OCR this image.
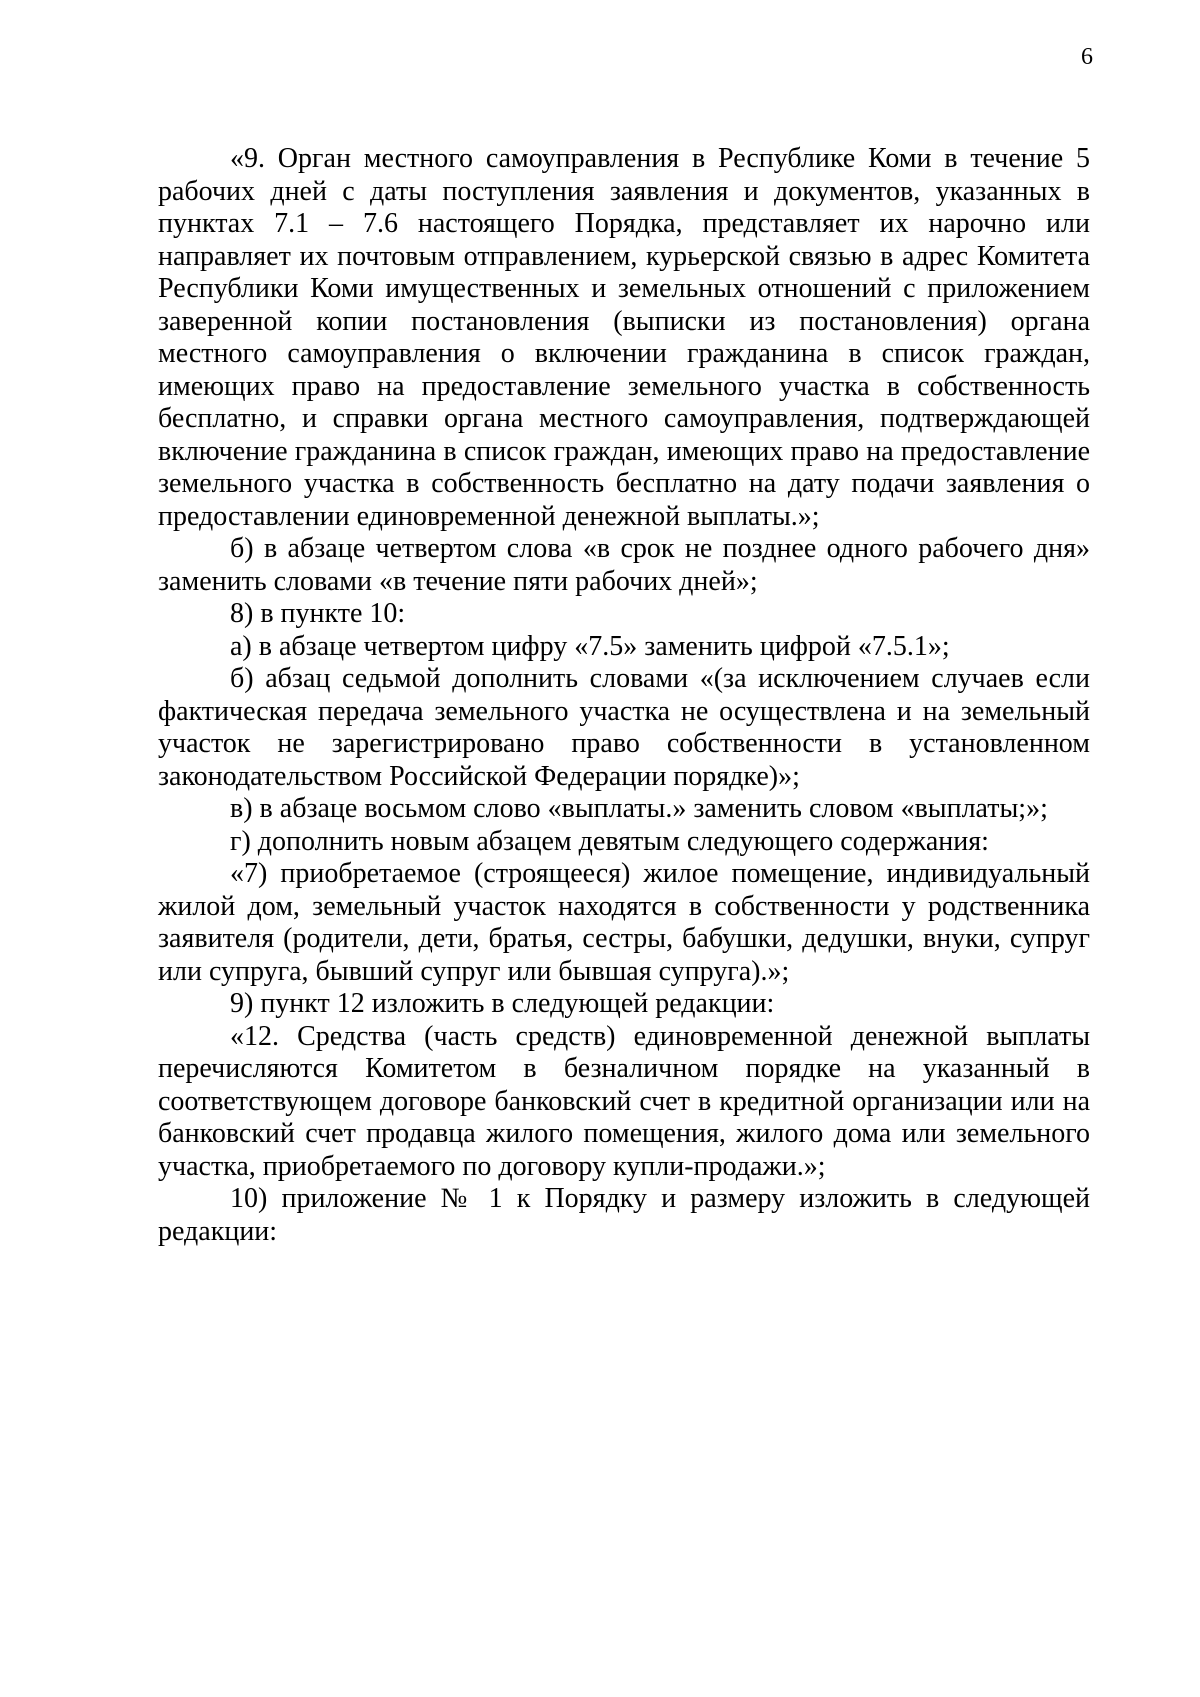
6

«9. Орган местного самоуправления в Республике Коми в течение 5 рабочих дней с даты поступления заявления и документов, указанных в пунктах 7.1 – 7.6 настоящего Порядка, представляет их нарочно или направляет их почтовым отправлением, курьерской связью в адрес Комитета Республики Коми имущественных и земельных отношений с приложением заверенной копии постановления (выписки из постановления) органа местного самоуправления о включении гражданина в список граждан, имеющих право на предоставление земельного участка в собственность бесплатно, и справки органа местного самоуправления, подтверждающей включение гражданина в список граждан, имеющих право на предоставление земельного участка в собственность бесплатно на дату подачи заявления о предоставлении единовременной денежной выплаты.»;

б) в абзаце четвертом слова «в срок не позднее одного рабочего дня» заменить словами «в течение пяти рабочих дней»;

8) в пункте 10:

а) в абзаце четвертом цифру «7.5» заменить цифрой «7.5.1»;

б) абзац седьмой дополнить словами «(за исключением случаев если фактическая передача земельного участка не осуществлена и на земельный участок не зарегистрировано право собственности в установленном законодательством Российской Федерации порядке)»;

в) в абзаце восьмом слово «выплаты.» заменить словом «выплаты;»;

г) дополнить новым абзацем девятым следующего содержания:

«7) приобретаемое (строящееся) жилое помещение, индивидуальный жилой дом, земельный участок находятся в собственности у родственника заявителя (родители, дети, братья, сестры, бабушки, дедушки, внуки, супруг или супруга, бывший супруг или бывшая супруга).»;

9) пункт 12 изложить в следующей редакции:

«12. Средства (часть средств) единовременной денежной выплаты перечисляются Комитетом в безналичном порядке на указанный в соответствующем договоре банковский счет в кредитной организации или на банковский счет продавца жилого помещения, жилого дома или земельного участка, приобретаемого по договору купли-продажи.»;

10) приложение № 1 к Порядку и размеру изложить в следующей редакции:
